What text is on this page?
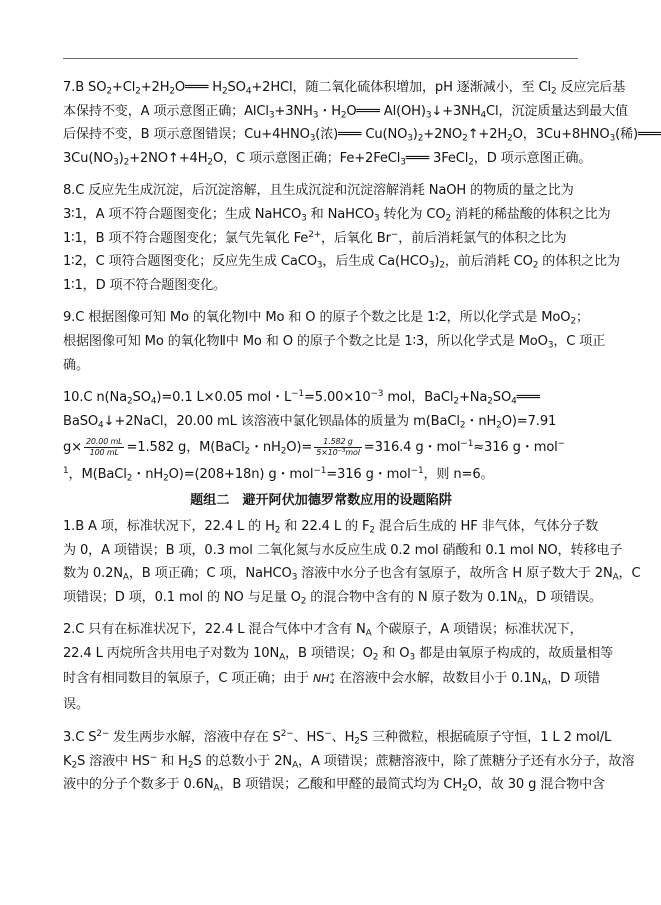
7.B $SO_2+Cl_2+2H_2O═══$ $H_2SO_4+2HCl$，随二氧化硫体积增加，pH 逐渐减小，至 $Cl_2$ 反应完后基
本保持不变，A 项示意图正确；$AlCl_3+3NH_3$・$H_2O═══$ $Al(OH)_3↓+3NH_4Cl$，沉淀质量达到最大值
后保持不变，B 项示意图错误；$Cu+4HNO_3$(浓)═══ $Cu(NO_3)_2+2NO_2↑+2H_2O$，$3Cu+8HNO_3$(稀)═══
$3Cu(NO_3)_2+2NO↑+4H_2O$，C 项示意图正确；Fe+2FeCl$_3$═══ 3FeCl$_2$，D 项示意图正确。
8.C 反应先生成沉淀，后沉淀溶解，且生成沉淀和沉淀溶解消耗 NaOH 的物质的量之比为
3∶1，A 项不符合题图变化；生成 NaHCO$_3$ 和 NaHCO$_3$ 转化为 $CO_2$ 消耗的稀盐酸的体积之比为
1∶1，B 项不符合题图变化；氯气先氧化 $Fe^{2+}$，后氧化 Br−，前后消耗氯气的体积之比为
1∶2，C 项符合题图变化；反应先生成 CaCO$_3$，后生成 $Ca(HCO_3)_2$，前后消耗 $CO_2$ 的体积之比为
1∶1，D 项不符合题图变化。
9.C 根据图像可知 Mo 的氧化物Ⅰ中 Mo 和 O 的原子个数之比是 1∶2，所以化学式是 MoO$_2$；
根据图像可知 Mo 的氧化物Ⅱ中 Mo 和 O 的原子个数之比是 1∶3，所以化学式是 MoO$_3$，C 项正
确。
10.C $n(Na_2SO_4)=0.1$ L×0.05 mol・$L^{-1}=5.00\times 10^{-3}$ mol，$BaCl_2+Na_2SO_4═══$
BaSO$_4$↓+2NaCl，20.00 mL 该溶液中氯化钡晶体的质量为 m(BaCl$_2$・$nH_2O)=7.91$
$g\times \frac{20.00 mL}{100 mL} =1.582$ g，M(BaCl$_2$・$nH_2O)= \frac{1.582 g}{5\times 10^{-3}mol} =316.4$ g・mol$^{-1}$≈316 g・mol−
$^1$，M(BaCl$_2$・$nH_2O)=(208+18n)$ g・mol$^{-1}$=316 g・mol$^{-1}$，则 n=6。
题组二　避开阿伏加德罗常数应用的设题陷阱
1.B A 项，标准状况下，22.4 L 的 $H_2$ 和 22.4 L 的 $F_2$ 混合后生成的 HF 非气体，气体分子数
为 0，A 项错误；B 项，0.3 mol 二氧化氮与水反应生成 0.2 mol 硝酸和 0.1 mol NO，转移电子
数为 $0.2N_A$，B 项正确；C 项，NaHCO$_3$ 溶液中水分子也含有氢原子，故所含 H 原子数大于 $2N_A$，C
项错误；D 项，0.1 mol 的 NO 与足量 $O_2$ 的混合物中含有的 N 原子数为 $0.1N_A$，D 项错误。
2.C 只有在标准状况下，22.4 L 混合气体中才含有 $N_A$ 个碳原子，A 项错误；标准状况下，
22.4 L 丙烷所含共用电子对数为 $10N_A$，B 项错误；$O_2$ 和 $O_3$ 都是由氧原子构成的，故质量相等
时含有相同数目的氧原子，C 项正确；由于 NH +
4 在溶液中会水解，故数目小于 $0.1N_A$，D 项错
误。
3.C $S^{2-}$ 发生两步水解，溶液中存在 $S^{2-}$、HS−、$H_2S$ 三种微粒，根据硫原子守恒，1 L 2 mol/L
$K_2S$ 溶液中 HS− 和 $H_2S$ 的总数小于 $2N_A$，A 项错误；蔗糖溶液中，除了蔗糖分子还有水分子，故溶
液中的分子个数多于 $0.6N_A$，B 项错误；乙酸和甲醛的最简式均为 $CH_2O$，故 30 g 混合物中含
